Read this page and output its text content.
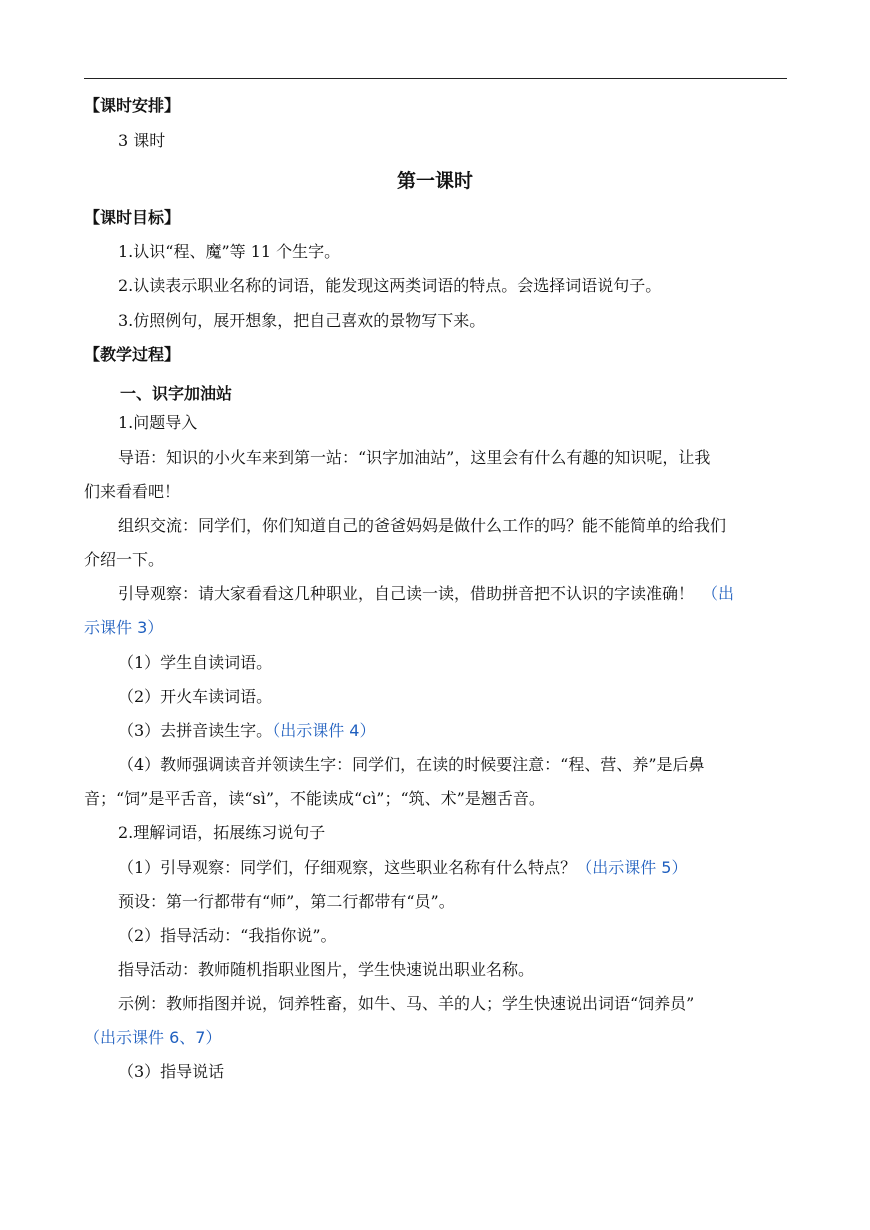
【课时安排】
3 课时
第一课时
【课时目标】
1.认识“程、魔”等 11 个生字。
2.认读表示职业名称的词语，能发现这两类词语的特点。会选择词语说句子。
3.仿照例句，展开想象，把自己喜欢的景物写下来。
【教学过程】
一、识字加油站
1.问题导入
导语：知识的小火车来到第一站：“识字加油站”，这里会有什么有趣的知识呢，让我
们来看看吧！
组织交流：同学们，你们知道自己的爸爸妈妈是做什么工作的吗？能不能简单的给我们
介绍一下。
引导观察：请大家看看这几种职业，自己读一读，借助拼音把不认识的字读准确！ （出
示课件 3）
（1）学生自读词语。
（2）开火车读词语。
（3）去拼音读生字。（出示课件 4）
（4）教师强调读音并领读生字：同学们，在读的时候要注意：“程、营、养”是后鼻
音；“饲”是平舌音，读“sì”，不能读成“cì”；“筑、术”是翘舌音。
2.理解词语，拓展练习说句子
（1）引导观察：同学们，仔细观察，这些职业名称有什么特点？（出示课件 5）
预设：第一行都带有“师”，第二行都带有“员”。
（2）指导活动：“我指你说”。
指导活动：教师随机指职业图片，学生快速说出职业名称。
示例：教师指图并说，饲养牲畜，如牛、马、羊的人；学生快速说出词语“饲养员”
（出示课件 6、7）
（3）指导说话
